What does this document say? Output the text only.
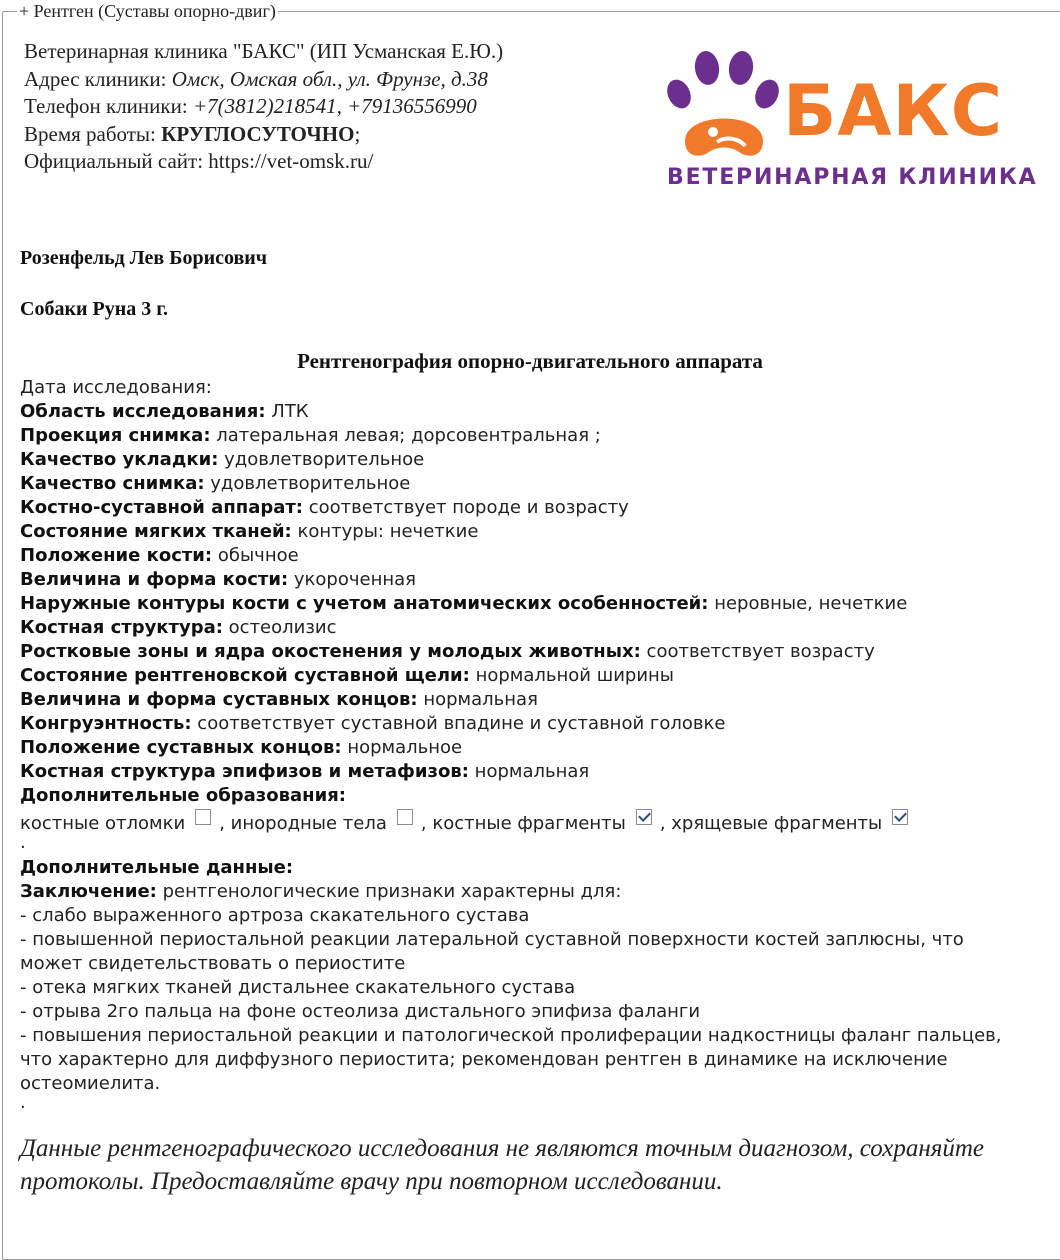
+ Рентген (Суставы опорно-двиг)
Ветеринарная клиника "БАКС" (ИП Усманская Е.Ю.)
Адрес клиники: Омск, Омская обл., ул. Фрунзе, д.38
Телефон клиники: +7(3812)218541, +79136556990
Время работы: КРУГЛОСУТОЧНО;
Официальный сайт: https://vet-omsk.ru/
БАКС
ВЕТЕРИНАРНАЯ КЛИНИКА
Розенфельд Лев Борисович
Собаки Руна 3 г.
Рентгенография опорно-двигательного аппарата
Дата исследования:
Область исследования: ЛТК
Проекция снимка: латеральная левая; дорсовентральная ;
Качество укладки: удовлетворительное
Качество снимка: удовлетворительное
Костно-суставной аппарат: соответствует породе и возрасту
Состояние мягких тканей: контуры: нечеткие
Положение кости: обычное
Величина и форма кости: укороченная
Наружные контуры кости с учетом анатомических особенностей: неровные, нечеткие
Костная структура: остеолизис
Ростковые зоны и ядра окостенения у молодых животных: соответствует возрасту
Состояние рентгеновской суставной щели: нормальной ширины
Величина и форма суставных концов: нормальная
Конгруэнтность: соответствует суставной впадине и суставной головке
Положение суставных концов: нормальное
Костная структура эпифизов и метафизов: нормальная
Дополнительные образования:
костные отломки , инородные тела , костные фрагменты , хрящевые фрагменты
.
Дополнительные данные:
Заключение: рентгенологические признаки характерны для:
- слабо выраженного артроза скакательного сустава
- повышенной периостальной реакции латеральной суставной поверхности костей заплюсны, что может свидетельствовать о периостите
- отека мягких тканей дистальнее скакательного сустава
- отрыва 2го пальца на фоне остеолиза дистального эпифиза фаланги
- повышения периостальной реакции и патологической пролиферации надкостницы фаланг пальцев, что характерно для диффузного периостита; рекомендован рентген в динамике на исключение остеомиелита.
.
Данные рентгенографического исследования не являются точным диагнозом, сохраняйте протоколы. Предоставляйте врачу при повторном исследовании.
